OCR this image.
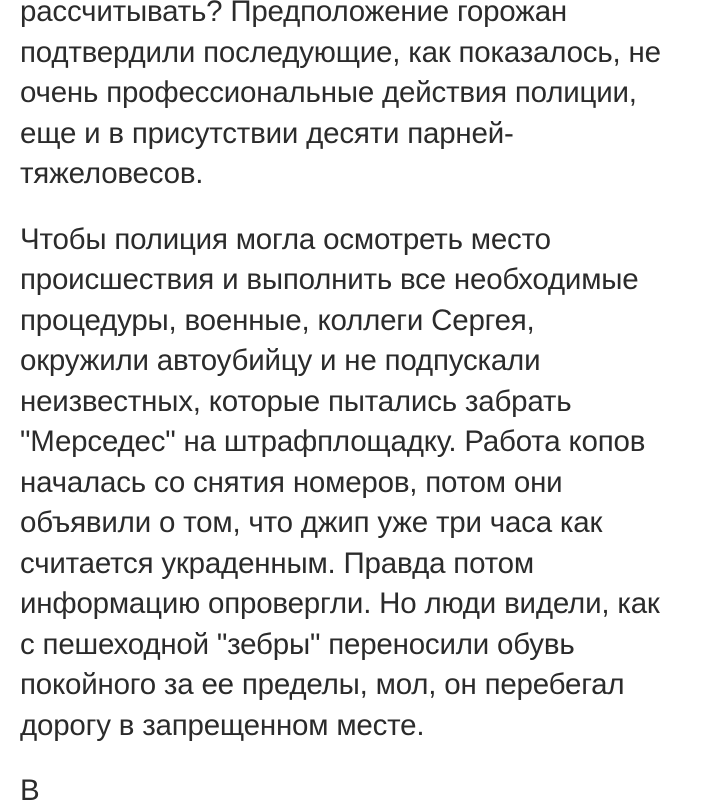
рассчитывать? Предположение горожан
подтвердили последующие, как показалось, не
очень профессиональные действия полиции,
еще и в присутствии десяти парней-
тяжеловесов.

Чтобы полиция могла осмотреть место
происшествия и выполнить все необходимые
процедуры, военные, коллеги Сергея,
окружили автоубийцу и не подпускали
неизвестных, которые пытались забрать
"Мерседес" на штрафплощадку. Работа копов
началась со снятия номеров, потом они
объявили о том, что джип уже три часа как
считается украденным. Правда потом
информацию опровергли. Но люди видели, как
с пешеходной "зебры" переносили обувь
покойного за ее пределы, мол, он перебегал
дорогу в запрещенном месте.

В
